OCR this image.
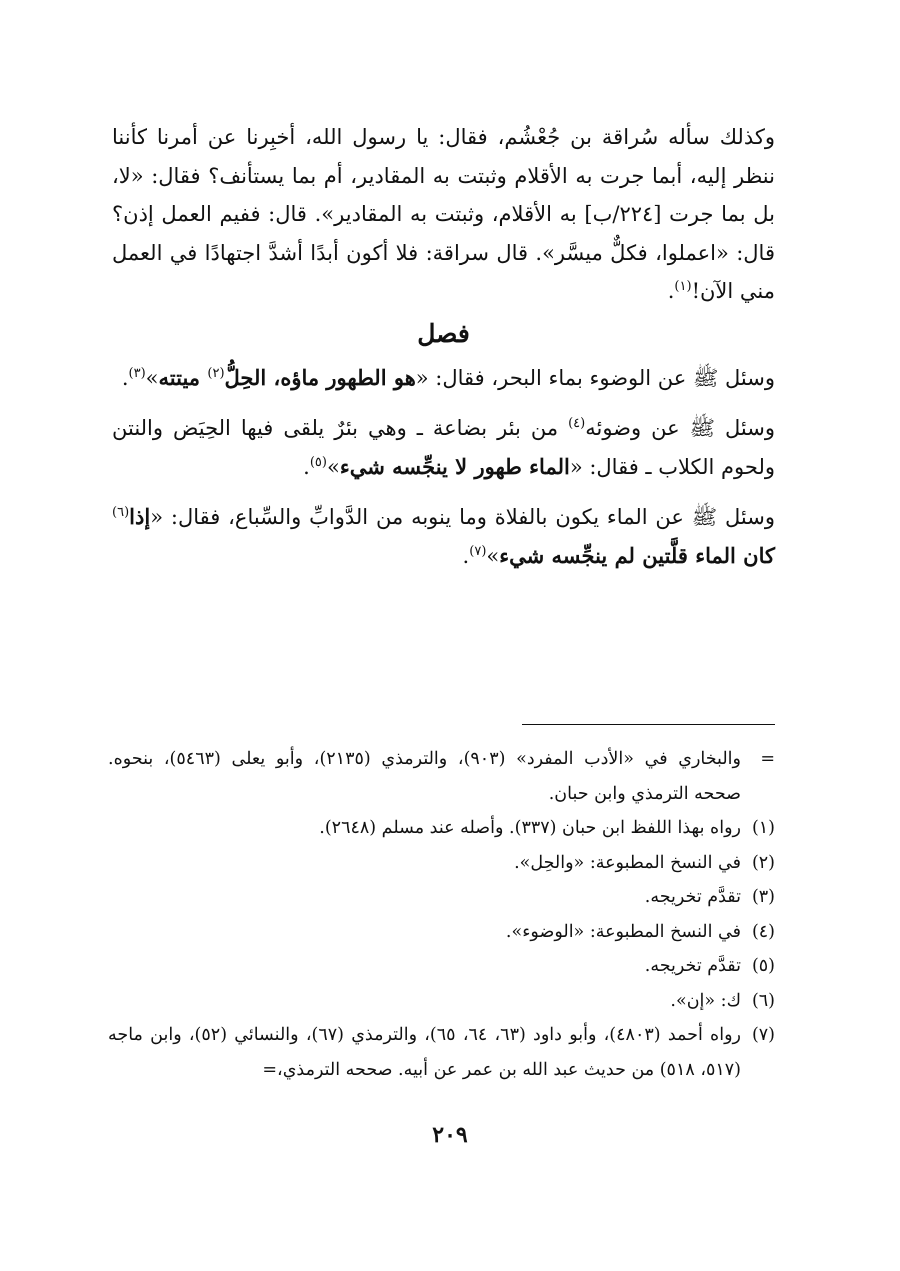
وكذلك سأله سُراقة بن جُعْشُم، فقال: يا رسول الله، أخبِرنا عن أمرنا كأننا ننظر إليه، أبما جرت به الأقلام وثبتت به المقادير، أم بما يستأنف؟ فقال: «لا، بل بما جرت [٢٢٤/ب] به الأقلام، وثبتت به المقادير». قال: ففيم العمل إذن؟ قال: «اعملوا، فكلٌّ ميسَّر». قال سراقة: فلا أكون أبدًا أشدَّ اجتهادًا في العمل مني الآن!$^{(١)}$.

فصل

وسئل ﷺ عن الوضوء بماء البحر، فقال: «هو الطهور ماؤه، الحِلُّ$^{(٢)}$ ميتته»$^{(٣)}$.

وسئل ﷺ عن وضوئه$^{(٤)}$ من بئر بضاعة ـ وهي بئرٌ يلقى فيها الحِيَض والنتن ولحوم الكلاب ـ فقال: «الماء طهور لا ينجِّسه شيء»$^{(٥)}$.

وسئل ﷺ عن الماء يكون بالفلاة وما ينوبه من الدَّوابِّ والسِّباع، فقال: «إذا$^{(٦)}$ كان الماء قلَّتين لم ينجِّسه شيء»$^{(٧)}$.

=
والبخاري في «الأدب المفرد» (٩٠٣)، والترمذي (٢١٣٥)، وأبو يعلى (٥٤٦٣)، بنحوه. صححه الترمذي وابن حبان.
(١)
رواه بهذا اللفظ ابن حبان (٣٣٧). وأصله عند مسلم (٢٦٤٨).
(٢)
في النسخ المطبوعة: «والحِل».
(٣)
تقدَّم تخريجه.
(٤)
في النسخ المطبوعة: «الوضوء».
(٥)
تقدَّم تخريجه.
(٦)
ك: «إن».
(٧)
رواه أحمد (٤٨٠٣)، وأبو داود (٦٣، ٦٤، ٦٥)، والترمذي (٦٧)، والنسائي (٥٢)، وابن ماجه (٥١٧، ٥١٨) من حديث عبد الله بن عمر عن أبيه. صححه الترمذي،=
٢٠٩
